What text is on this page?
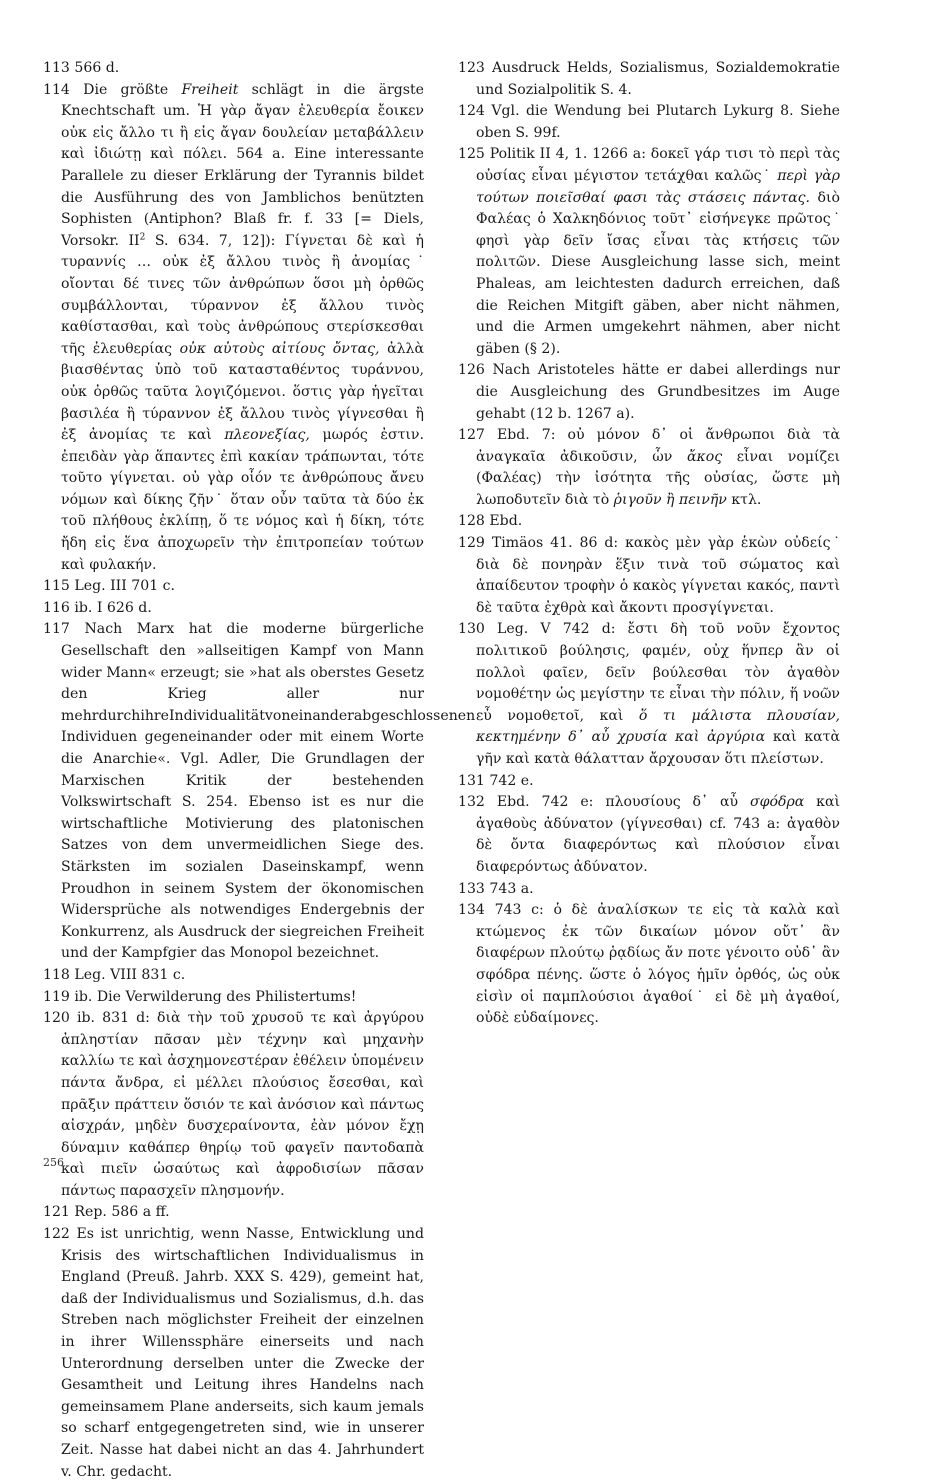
113 566 d.

114 Die größte Freiheit schlägt in die ärgste Knechtschaft um. Ἡ γὰρ ἄγαν ἐλευθερία ἔοικεν οὐκ εἰς ἄλλο τι ἢ εἰς ἄγαν δουλείαν μεταβάλλειν καὶ ἰδιώτῃ καὶ πόλει. 564 a. Eine interessante Parallele zu dieser Erklärung der Tyrannis bildet die Ausführung des von Jamblichos benützten Sophisten (Antiphon? Blaß fr. f. 33 [= Diels, Vorsokr. $II^2$ S. 634. 7, 12]): Γίγνεται δὲ καὶ ἡ τυραννίς … οὐκ ἐξ ἄλλου τινὸς ἢ ἀνομίας˙ οἴονται δέ τινες τῶν ἀνθρώπων ὅσοι μὴ ὀρθῶς συμβάλλονται, τύραννον ἐξ ἄλλου τινὸς καθίστασθαι, καὶ τοὺς ἀνθρώπους στερίσκεσθαι τῆς ἐλευθερίας οὐκ αὐτοὺς αἰτίους ὄντας, ἀλλὰ βιασθέντας ὑπὸ τοῦ κατασταθέντος τυράννου, οὐκ ὀρθῶς ταῦτα λογιζόμενοι. ὅστις γὰρ ἡγεῖται βασιλέα ἢ τύραννον ἐξ ἄλλου τινὸς γίγνεσθαι ἢ ἐξ ἀνομίας τε καὶ πλεονεξίας, μωρός ἐστιν. ἐπειδὰν γὰρ ἅπαντες ἐπὶ κακίαν τράπωνται, τότε τοῦτο γίγνεται. οὐ γὰρ οἷόν τε ἀνθρώπους ἄνευ νόμων καὶ δίκης ζῆν˙ ὅταν οὖν ταῦτα τὰ δύο ἐκ τοῦ πλήθους ἐκλίπῃ, ὅ τε νόμος καὶ ἡ δίκη, τότε ἤδη εἰς ἕνα ἀποχωρεῖν τὴν ἐπιτροπείαν τούτων καὶ φυλακήν.

115 Leg. III 701 c.

116 ib. I 626 d.

117 Nach Marx hat die moderne bürgerliche Gesellschaft den »allseitigen Kampf von Mann wider Mann« erzeugt; sie »hat als oberstes Gesetz den Krieg aller nur mehrdurchihreIndividualitätvoneinanderabgeschlossenen Individuen gegeneinander oder mit einem Worte die Anarchie«. Vgl. Adler, Die Grundlagen der Marxischen Kritik der bestehenden Volkswirtschaft S. 254. Ebenso ist es nur die wirtschaftliche Motivierung des platonischen Satzes von dem unvermeidlichen Siege des. Stärksten im sozialen Daseinskampf, wenn Proudhon in seinem System der ökonomischen Widersprüche als notwendiges Endergebnis der Konkurrenz, als Ausdruck der siegreichen Freiheit und der Kampfgier das Monopol bezeichnet.

118 Leg. VIII 831 c.

119 ib. Die Verwilderung des Philistertums!

120 ib. 831 d: διὰ τὴν τοῦ χρυσοῦ τε καὶ ἀργύρου ἀπληστίαν πᾶσαν μὲν τέχνην καὶ μηχανὴν καλλίω τε καὶ ἀσχημονεστέραν ἐθέλειν ὑπομένειν πάντα ἄνδρα, εἰ μέλλει πλούσιος ἔσεσθαι, καὶ πρᾶξιν πράττειν ὅσιόν τε καὶ ἀνόσιον καὶ πάντως αἰσχράν, μηδὲν δυσχεραίνοντα, ἐὰν μόνον ἔχῃ δύναμιν καθάπερ θηρίῳ τοῦ φαγεῖν παντοδαπὰ καὶ πιεῖν ὡσαύτως καὶ ἀφροδισίων πᾶσαν πάντως παρασχεῖν πλησμονήν.

121 Rep. 586 a ff.

122 Es ist unrichtig, wenn Nasse, Entwicklung und Krisis des wirtschaftlichen Individualismus in England (Preuß. Jahrb. XXX S. 429), gemeint hat, daß der Individualismus und Sozialismus, d.h. das Streben nach möglichster Freiheit der einzelnen in ihrer Willenssphäre einerseits und nach Unterordnung derselben unter die Zwecke der Gesamtheit und Leitung ihres Handelns nach gemeinsamem Plane anderseits, sich kaum jemals so scharf entgegengetreten sind, wie in unserer Zeit. Nasse hat dabei nicht an das 4. Jahrhundert v. Chr. gedacht.

123 Ausdruck Helds, Sozialismus, Sozialdemokratie und Sozialpolitik S. 4.

124 Vgl. die Wendung bei Plutarch Lykurg 8. Siehe oben S. 99f.

125 Politik II 4, 1. 1266 a: δοκεῖ γάρ τισι τὸ περὶ τὰς οὐσίας εἶναι μέγιστον τετάχθαι καλῶς˙ περὶ γὰρ τούτων ποιεῖσθαί φασι τὰς στάσεις πάντας. διὸ Φαλέας ὁ Χαλκηδόνιος τοῦτ᾽ εἰσήνεγκε πρῶτος˙ φησὶ γὰρ δεῖν ἴσας εἶναι τὰς κτήσεις τῶν πολιτῶν. Diese Ausgleichung lasse sich, meint Phaleas, am leichtesten dadurch erreichen, daß die Reichen Mitgift gäben, aber nicht nähmen, und die Armen umgekehrt nähmen, aber nicht gäben (§ 2).

126 Nach Aristoteles hätte er dabei allerdings nur die Ausgleichung des Grundbesitzes im Auge gehabt (12 b. 1267 a).

127 Ebd. 7: οὐ μόνον δ᾽ οἱ ἄνθρωποι διὰ τὰ ἀναγκαῖα ἀδικοῦσιν, ὧν ἄκος εἶναι νομίζει (Φαλέας) τὴν ἰσότητα τῆς οὐσίας, ὥστε μὴ λωποδυτεῖν διὰ τὸ ῥιγοῦν ἢ πεινῆν κτλ.

128 Ebd.

129 Timäos 41. 86 d: κακὸς μὲν γὰρ ἑκὼν οὐδείς˙ διὰ δὲ πονηρὰν ἕξιν τινὰ τοῦ σώματος καὶ ἀπαίδευτον τροφὴν ὁ κακὸς γίγνεται κακός, παντὶ δὲ ταῦτα ἐχθρὰ καὶ ἄκοντι προσγίγνεται.

130 Leg. V 742 d: ἔστι δὴ τοῦ νοῦν ἔχοντος πολιτικοῦ βούλησις, φαμέν, οὐχ ἥνπερ ἂν οἱ πολλοὶ φαῖεν, δεῖν βούλεσθαι τὸν ἀγαθὸν νομοθέτην ὡς μεγίστην τε εἶναι τὴν πόλιν, ἥ νοῶν εὖ νομοθετοῖ, καὶ ὅ τι μάλιστα πλουσίαν, κεκτημένην δ᾽ αὖ χρυσία καὶ ἀργύρια καὶ κατὰ γῆν καὶ κατὰ θάλατταν ἄρχουσαν ὅτι πλείστων.

131 742 e.

132 Ebd. 742 e: πλουσίους δ᾽ αὖ σφόδρα καὶ ἀγαθοὺς ἀδύνατον (γίγνεσθαι) cf. 743 a: ἀγαθὸν δὲ ὄντα διαφερόντως καὶ πλούσιον εἶναι διαφερόντως ἀδύνατον.

133 743 a.

134 743 c: ὁ δὲ ἀναλίσκων τε εἰς τὰ καλὰ καὶ κτώμενος ἐκ τῶν δικαίων μόνον οὔτ᾽ ἂν διαφέρων πλούτῳ ῥᾳδίως ἄν ποτε γένοιτο οὐδ᾽ ἂν σφόδρα πένης. ὥστε ὁ λόγος ἡμῖν ὀρθός, ὡς οὐκ εἰσὶν οἱ παμπλούσιοι ἀγαθοί˙ εἰ δὲ μὴ ἀγαθοί, οὐδὲ εὐδαίμονες.

256
